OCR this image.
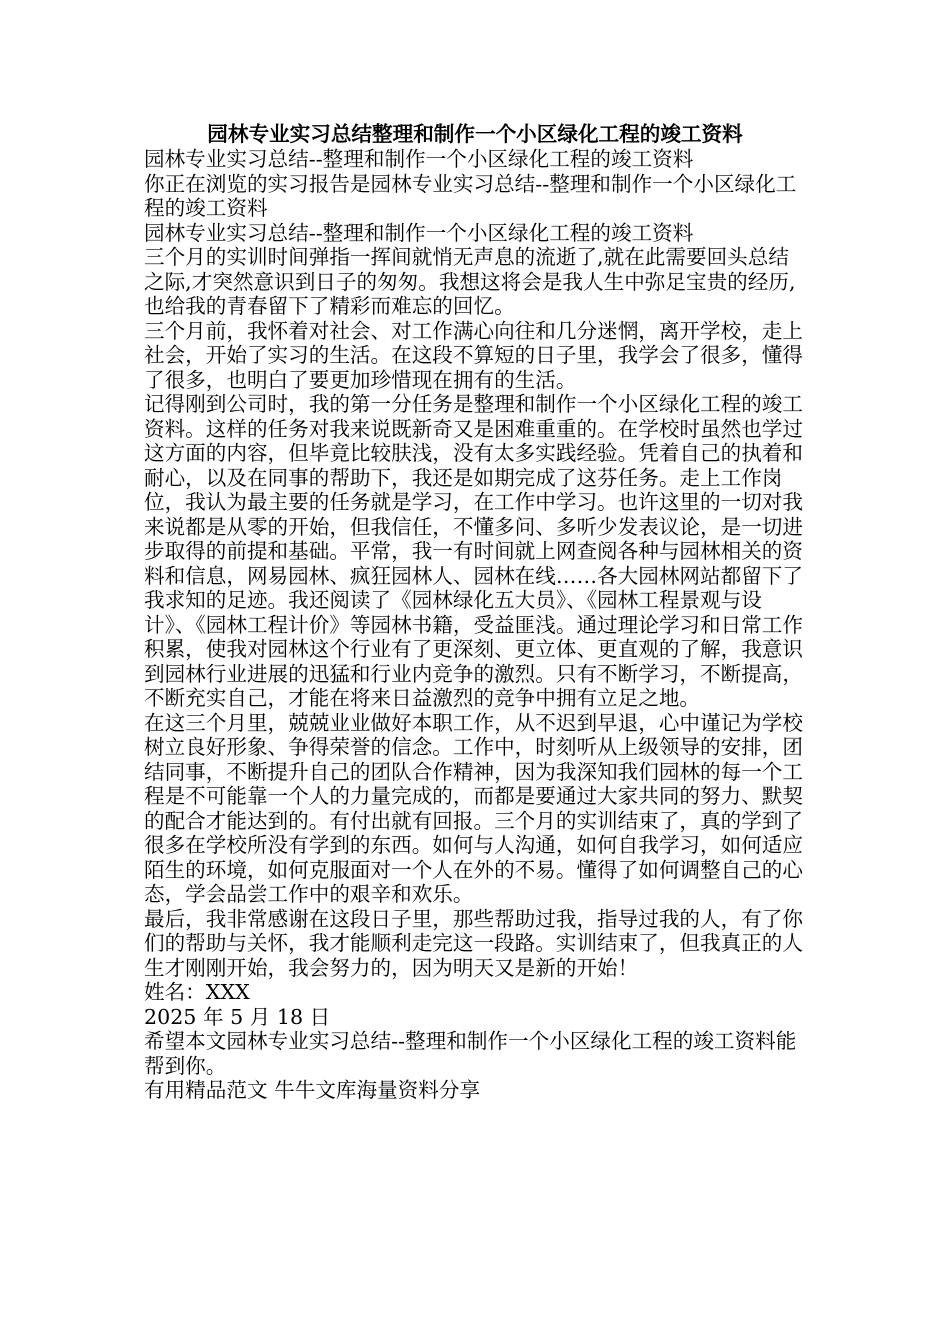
园林专业实习总结整理和制作一个小区绿化工程的竣工资料

园林专业实习总结--整理和制作一个小区绿化工程的竣工资料

你正在浏览的实习报告是园林专业实习总结--整理和制作一个小区绿化工程的竣工资料

园林专业实习总结--整理和制作一个小区绿化工程的竣工资料

三个月的实训时间弹指一挥间就悄无声息的流逝了,就在此需要回头总结之际,才突然意识到日子的匆匆。我想这将会是我人生中弥足宝贵的经历,也给我的青春留下了精彩而难忘的回忆。

三个月前，我怀着对社会、对工作满心向往和几分迷惘，离开学校，走上社会，开始了实习的生活。在这段不算短的日子里，我学会了很多，懂得了很多，也明白了要更加珍惜现在拥有的生活。

记得刚到公司时，我的第一分任务是整理和制作一个小区绿化工程的竣工资料。这样的任务对我来说既新奇又是困难重重的。在学校时虽然也学过这方面的内容，但毕竟比较肤浅，没有太多实践经验。凭着自己的执着和耐心，以及在同事的帮助下，我还是如期完成了这芬任务。走上工作岗位，我认为最主要的任务就是学习，在工作中学习。也许这里的一切对我来说都是从零的开始，但我信任，不懂多问、多听少发表议论，是一切进步取得的前提和基础。平常，我一有时间就上网查阅各种与园林相关的资料和信息，网易园林、疯狂园林人、园林在线……各大园林网站都留下了我求知的足迹。我还阅读了《园林绿化五大员》、《园林工程景观与设计》、《园林工程计价》等园林书籍，受益匪浅。通过理论学习和日常工作积累，使我对园林这个行业有了更深刻、更立体、更直观的了解，我意识到园林行业进展的迅猛和行业内竞争的激烈。只有不断学习，不断提高，不断充实自己，才能在将来日益激烈的竞争中拥有立足之地。

在这三个月里，兢兢业业做好本职工作，从不迟到早退，心中谨记为学校树立良好形象、争得荣誉的信念。工作中，时刻听从上级领导的安排，团结同事，不断提升自己的团队合作精神，因为我深知我们园林的每一个工程是不可能靠一个人的力量完成的，而都是要通过大家共同的努力、默契的配合才能达到的。有付出就有回报。三个月的实训结束了，真的学到了很多在学校所没有学到的东西。如何与人沟通，如何自我学习，如何适应陌生的环境，如何克服面对一个人在外的不易。懂得了如何调整自己的心态，学会品尝工作中的艰辛和欢乐。

最后，我非常感谢在这段日子里，那些帮助过我，指导过我的人，有了你们的帮助与关怀，我才能顺利走完这一段路。实训结束了，但我真正的人生才刚刚开始，我会努力的，因为明天又是新的开始！

姓名：XXX

2025 年 5 月 18 日

希望本文园林专业实习总结--整理和制作一个小区绿化工程的竣工资料能帮到你。

有用精品范文 牛牛文库海量资料分享
